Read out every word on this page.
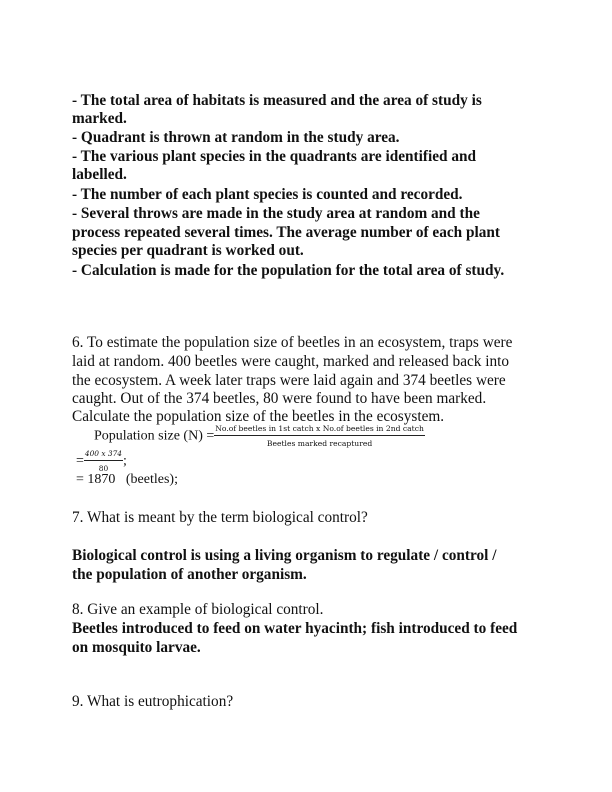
- The total area of habitats is measured and the area of study is
marked.
- Quadrant is thrown at random in the study area.
- The various plant species in the quadrants are identified and
labelled.
- The number of each plant species is counted and recorded.
- Several throws are made in the study area at random and the
process repeated several times. The average number of each plant
species per quadrant is worked out.
- Calculation is made for the population for the total area of study.
6. To estimate the population size of beetles in an ecosystem, traps were
laid at random. 400 beetles were caught, marked and released back into
the ecosystem. A week later traps were laid again and 374 beetles were
caught. Out of the 374 beetles, 80 were found to have been marked.
Calculate the population size of the beetles in the ecosystem.
Population size $(N) = \frac{\text{No.of beetles in 1st catch x No.of beetles in 2nd catch}}{\text{Beetles marked recaptured}}$
= $\frac{400 x 374}{80}$ ;
= 1870   (beetles);
7. What is meant by the term biological control?
Biological control is using a living organism to regulate / control /
the population of another organism.
8. Give an example of biological control.
Beetles introduced to feed on water hyacinth; fish introduced to feed
on mosquito larvae.
9. What is eutrophication?
